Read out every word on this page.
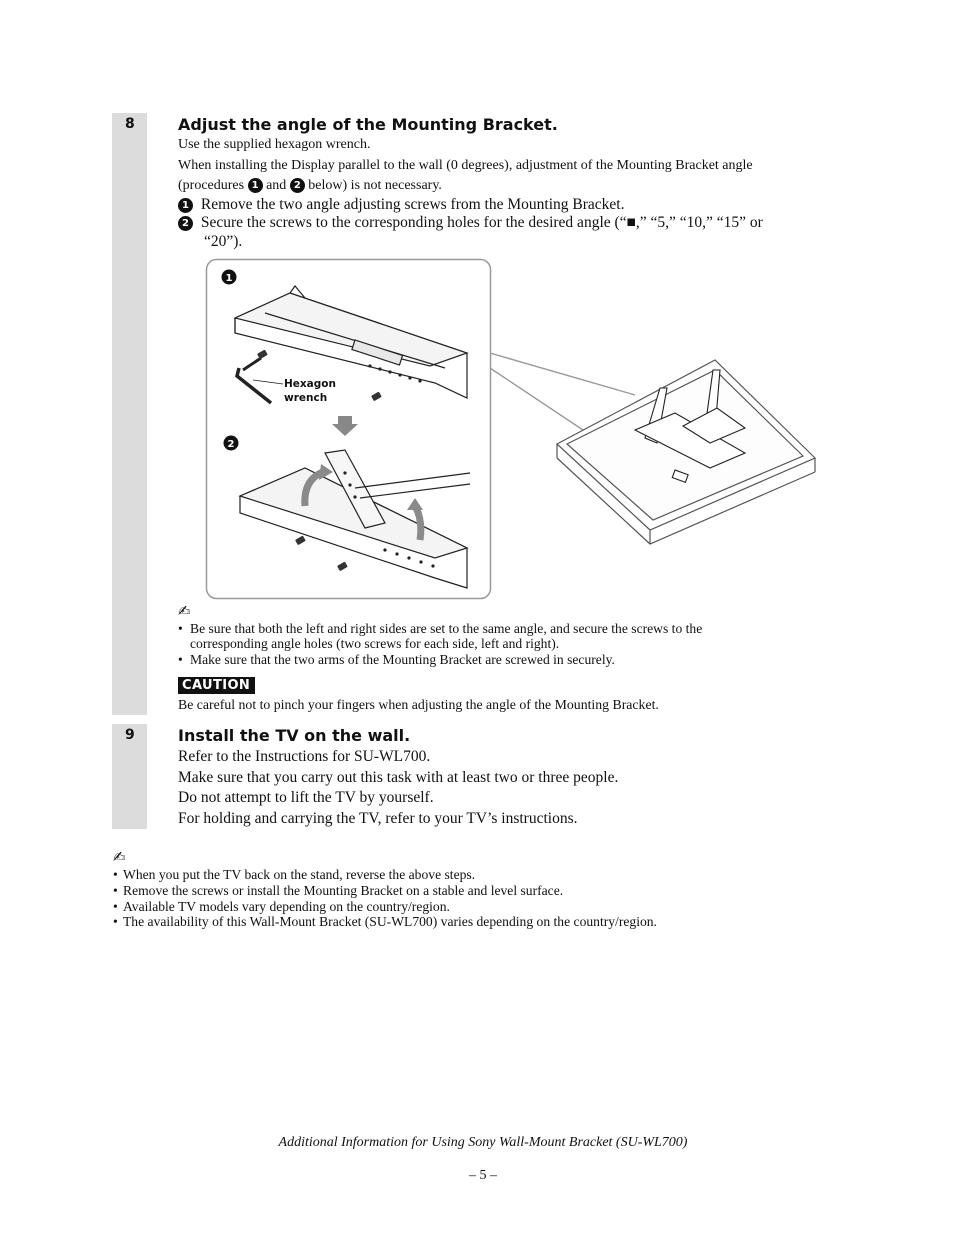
8	Adjust the angle of the Mounting Bracket.
Use the supplied hexagon wrench.
When installing the Display parallel to the wall (0 degrees), adjustment of the Mounting Bracket angle
(procedures 1 and 2 below) is not necessary.
1 Remove the two angle adjusting screws from the Mounting Bracket.
2 Secure the screws to the corresponding holes for the desired angle (“■,” “5,” “10,” “15” or
“20”).
1
2
Hexagon
wrench
✍
• Be sure that both the left and right sides are set to the same angle, and secure the screws to the
corresponding angle holes (two screws for each side, left and right).
• Make sure that the two arms of the Mounting Bracket are screwed in securely.
CAUTION
Be careful not to pinch your fingers when adjusting the angle of the Mounting Bracket.
9	Install the TV on the wall.
Refer to the Instructions for SU-WL700.
Make sure that you carry out this task with at least two or three people.
Do not attempt to lift the TV by yourself.
For holding and carrying the TV, refer to your TV’s instructions.
✍
• When you put the TV back on the stand, reverse the above steps.
• Remove the screws or install the Mounting Bracket on a stable and level surface.
• Available TV models vary depending on the country/region.
• The availability of this Wall-Mount Bracket (SU-WL700) varies depending on the country/region.
Additional Information for Using Sony Wall-Mount Bracket (SU-WL700)
– 5 –
